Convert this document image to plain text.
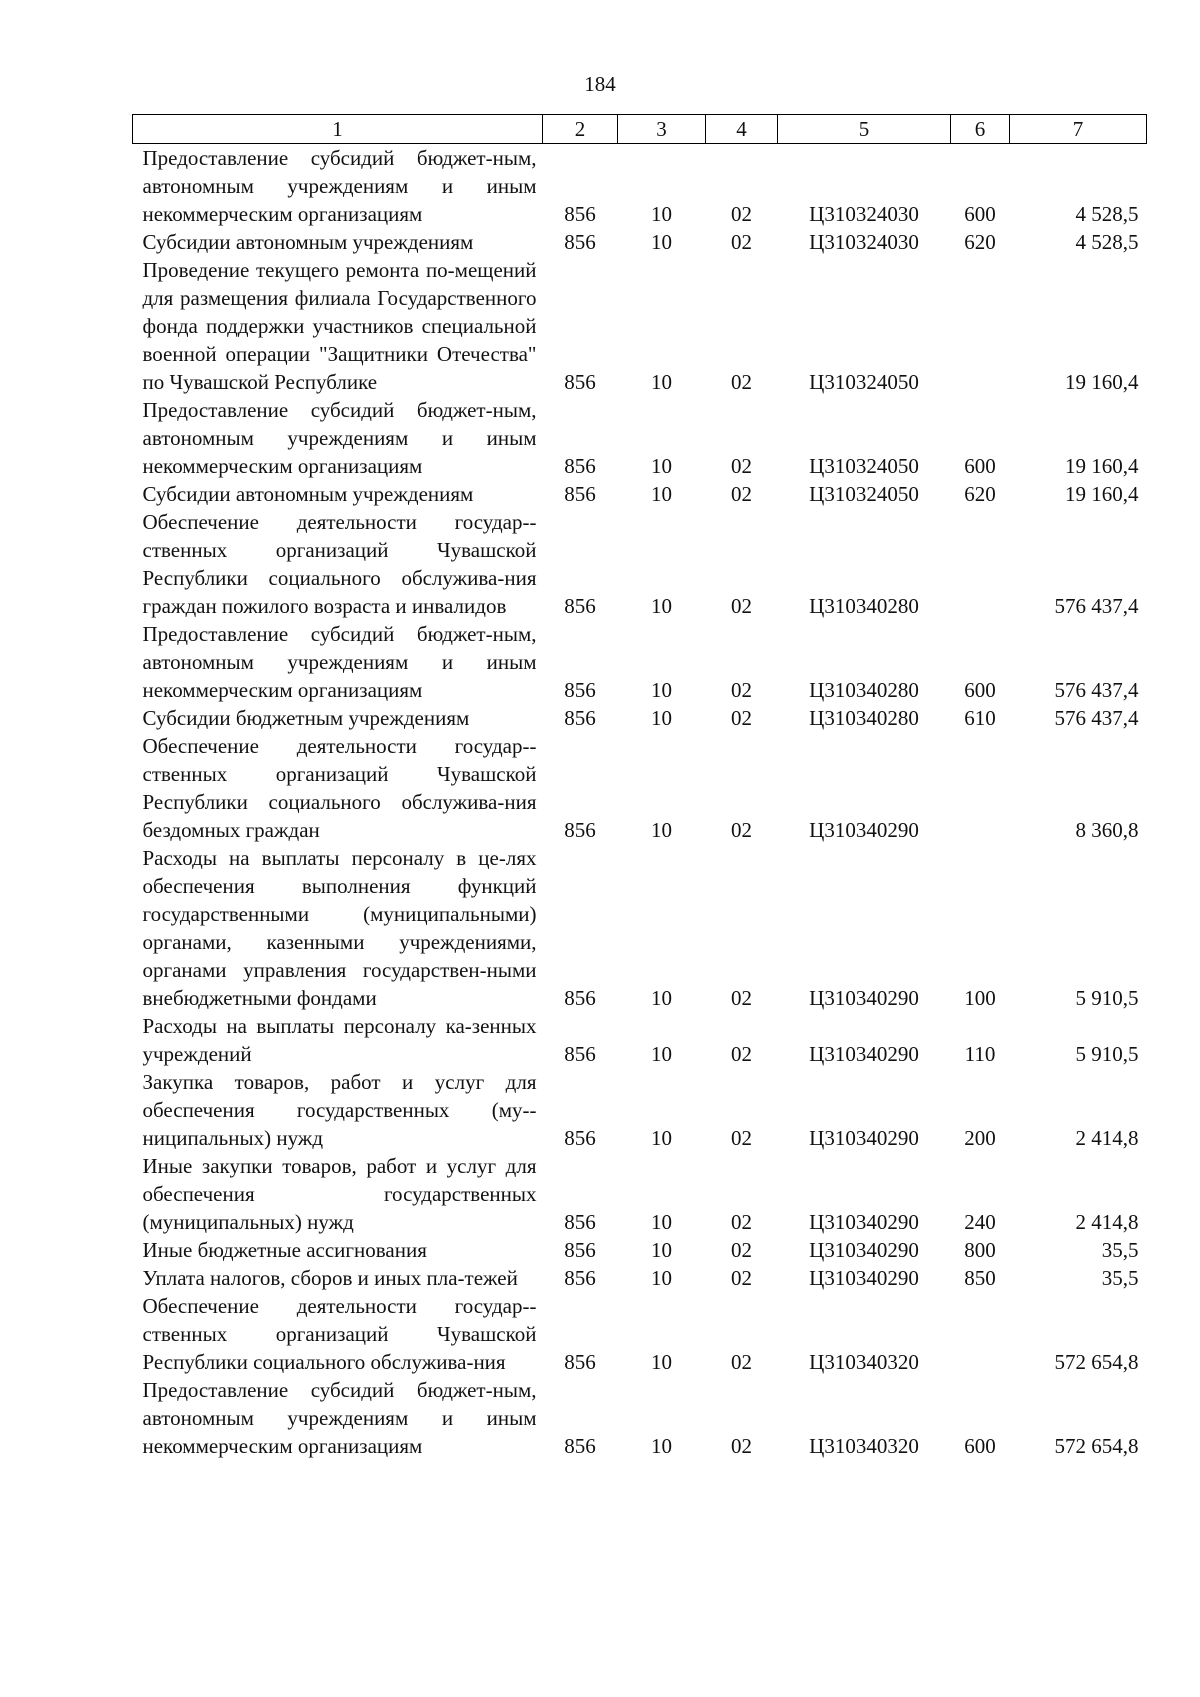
184
1	2	3	4	5	6	7
Предоставление субсидий бюджет-ным, автономным учреждениям и иным некоммерческим организациям	856	10	02	Ц310324030	600	4 528,5
Субсидии автономным учреждениям	856	10	02	Ц310324030	620	4 528,5
Проведение текущего ремонта по-мещений для размещения филиала Государственного фонда поддержки участников специальной военной операции "Защитники Отечества" по Чувашской Республике	856	10	02	Ц310324050		19 160,4
Предоставление субсидий бюджет-ным, автономным учреждениям и иным некоммерческим организациям	856	10	02	Ц310324050	600	19 160,4
Субсидии автономным учреждениям	856	10	02	Ц310324050	620	19 160,4
Обеспечение деятельности государ-ственных организаций Чувашской Республики социального обслужива-ния граждан пожилого возраста и инвалидов	856	10	02	Ц310340280		576 437,4
Предоставление субсидий бюджет-ным, автономным учреждениям и иным некоммерческим организациям	856	10	02	Ц310340280	600	576 437,4
Субсидии бюджетным учреждениям	856	10	02	Ц310340280	610	576 437,4
Обеспечение деятельности государ-ственных организаций Чувашской Республики социального обслужива-ния бездомных граждан	856	10	02	Ц310340290		8 360,8
Расходы на выплаты персоналу в це-лях обеспечения выполнения функций государственными (муниципальными) органами, казенными учреждениями, органами управления государствен-ными внебюджетными фондами	856	10	02	Ц310340290	100	5 910,5
Расходы на выплаты персоналу ка-зенных учреждений	856	10	02	Ц310340290	110	5 910,5
Закупка товаров, работ и услуг для обеспечения государственных (му-ниципальных) нужд	856	10	02	Ц310340290	200	2 414,8
Иные закупки товаров, работ и услуг для обеспечения государственных (муниципальных) нужд	856	10	02	Ц310340290	240	2 414,8
Иные бюджетные ассигнования	856	10	02	Ц310340290	800	35,5
Уплата налогов, сборов и иных пла-тежей	856	10	02	Ц310340290	850	35,5
Обеспечение деятельности государ-ственных организаций Чувашской Республики социального обслужива-ния	856	10	02	Ц310340320		572 654,8
Предоставление субсидий бюджет-ным, автономным учреждениям и иным некоммерческим организациям	856	10	02	Ц310340320	600	572 654,8
